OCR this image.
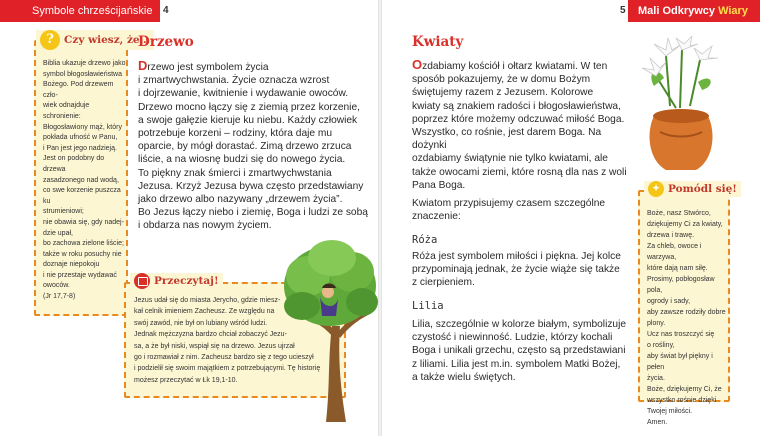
Symbole chrześcijańskie 4
Biblia ukazuje drzewo jako
symbol błogosławieństwa
Bożego. Pod drzewem czło-
wiek odnajduje schronienie:
Błogosławiony mąż, który
pokłada ufność w Panu,
i Pan jest jego nadzieją.
Jest on podobny do drzewa
zasadzonego nad wodą,
co swe korzenie puszcza ku
strumieniowi;
nie obawia się, gdy nadej-
dzie upał,
bo zachowa zielone liście;
także w roku posuchy nie
doznaje niepokoju
i nie przestaje wydawać
owoców.
(Jr 17,7-8)
?
Czy wiesz, że…
Drzewo
Drzewo jest symbolem życia
i zmartwychwstania. Życie oznacza wzrost
i dojrzewanie, kwitnienie i wydawanie owoców.
Drzewo mocno łączy się z ziemią przez korzenie,
a swoje gałęzie kieruje ku niebu. Każdy człowiek
potrzebuje korzeni – rodziny, która daje mu
oparcie, by mógł dorastać. Zimą drzewo zrzuca
liście, a na wiosnę budzi się do nowego życia.
To piękny znak śmierci i zmartwychwstania
Jezusa. Krzyż Jezusa bywa często przedstawiany
jako drzewo albo nazywany „drzewem życia”.
Bo Jezus łączy niebo i ziemię, Boga i ludzi ze sobą
i obdarza nas nowym życiem.
Jezus udał się do miasta Jerycho, gdzie miesz-
kał celnik imieniem Zacheusz. Ze względu na
swój zawód, nie był on lubiany wśród ludzi.
Jednak mężczyzna bardzo chciał zobaczyć Jezu-
sa, a że był niski, wspiął się na drzewo. Jezus ujrzał
go i rozmawiał z nim. Zacheusz bardzo się z tego ucieszył
i podzielił się swoim majątkiem z potrzebującymi. Tę historię
możesz przeczytać w Łk 19,1-10.
Przeczytaj!
Mali Odkrywcy Wiary
5
Kwiaty
Ozdabiamy kościół i ołtarz kwiatami. W ten
sposób pokazujemy, że w domu Bożym
świętujemy razem z Jezusem. Kolorowe
kwiaty są znakiem radości i błogosławieństwa,
poprzez które możemy odczuwać miłość Boga.
Wszystko, co rośnie, jest darem Boga. Na dożynki
ozdabiamy świątynie nie tylko kwiatami, ale
także owocami ziemi, które rosną dla nas z woli
Pana Boga.
Kwiatom przypisujemy czasem szczególne
znaczenie:
Róża
Róża jest symbolem miłości i piękna. Jej kolce
przypominają jednak, że życie wiąże się także
z cierpieniem.
Lilia
Lilia, szczególnie w kolorze białym, symbolizuje
czystość i niewinność. Ludzie, którzy kochali
Boga i unikali grzechu, często są przedstawiani
z liliami. Lilia jest m.in. symbolem Matki Bożej,
a także wielu świętych.
Boże, nasz Stwórco,
dziękujemy Ci za kwiaty,
drzewa i trawę.
Za chleb, owoce i warzywa,
które dają nam siłę.
Prosimy, pobłogosław pola,
ogrody i sady,
aby zawsze rodziły dobre
plony.
Ucz nas troszczyć się
o rośliny,
aby świat był piękny i pełen
życia.
Boże, dziękujemy Ci, że
wszystko rośnie dzięki
Twojej miłości.
Amen.
✦
Pomódl się!
